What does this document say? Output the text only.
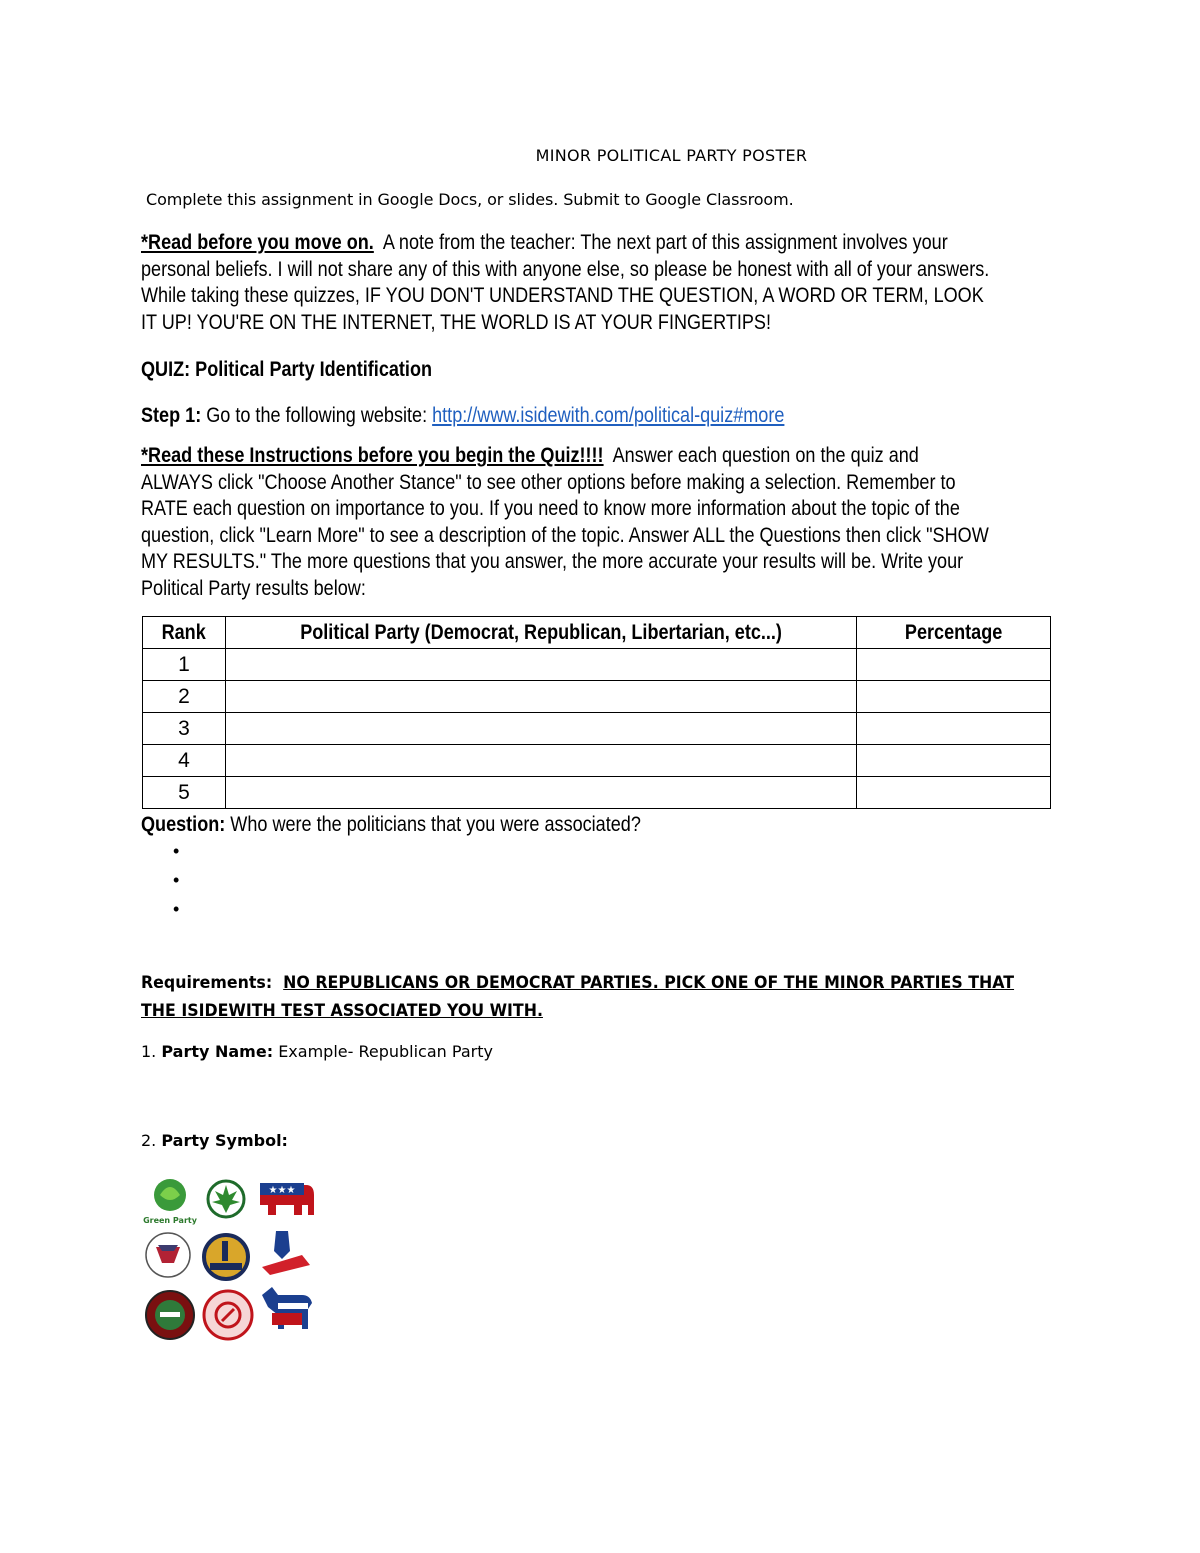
MINOR POLITICAL PARTY POSTER
Complete this assignment in Google Docs, or slides. Submit to Google Classroom.
*Read before you move on.  A note from the teacher: The next part of this assignment involves your
personal beliefs. I will not share any of this with anyone else, so please be honest with all of your answers.
While taking these quizzes, IF YOU DON'T UNDERSTAND THE QUESTION, A WORD OR TERM, LOOK
IT UP! YOU'RE ON THE INTERNET, THE WORLD IS AT YOUR FINGERTIPS!
QUIZ: Political Party Identification
Step 1: Go to the following website: http://www.isidewith.com/political-quiz#more
*Read these Instructions before you begin the Quiz!!!!  Answer each question on the quiz and
ALWAYS click "Choose Another Stance" to see other options before making a selection. Remember to
RATE each question on importance to you. If you need to know more information about the topic of the
question, click "Learn More" to see a description of the topic. Answer ALL the Questions then click "SHOW
MY RESULTS." The more questions that you answer, the more accurate your results will be. Write your
Political Party results below:
Rank	Political Party (Democrat, Republican, Libertarian, etc...)	Percentage
1		
2		
3		
4		
5		
Question: Who were the politicians that you were associated?
•
•
•
Requirements: NO REPUBLICANS OR DEMOCRAT PARTIES. PICK ONE OF THE MINOR PARTIES THAT
THE ISIDEWITH TEST ASSOCIATED YOU WITH.
1. Party Name: Example- Republican Party
2. Party Symbol:
Green Party
★★★
